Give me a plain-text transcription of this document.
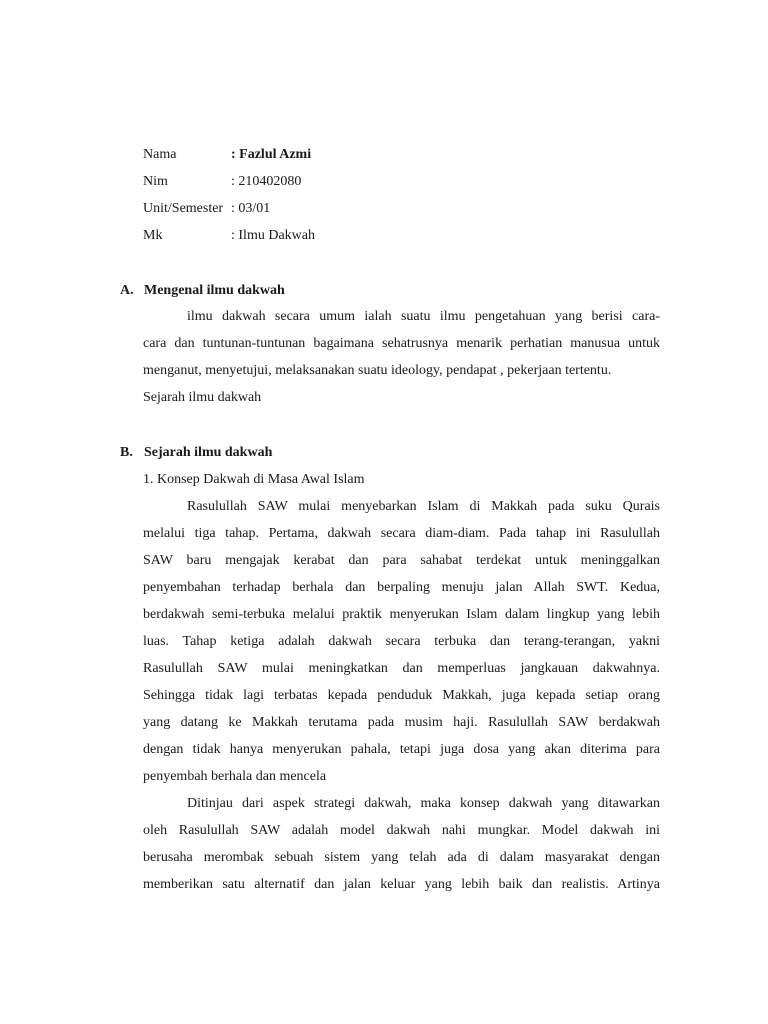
Nama	: Fazlul Azmi
Nim	: 210402080
Unit/Semester : 03/01
Mk	: Ilmu Dakwah
A. Mengenal ilmu dakwah
ilmu dakwah secara umum ialah suatu ilmu pengetahuan yang berisi cara-
cara dan tuntunan-tuntunan bagaimana sehatrusnya menarik perhatian manusua untuk
menganut, menyetujui, melaksanakan suatu ideology, pendapat , pekerjaan tertentu.
Sejarah ilmu dakwah
B. Sejarah ilmu dakwah
1. Konsep Dakwah di Masa Awal Islam
Rasulullah SAW mulai menyebarkan Islam di Makkah pada suku Qurais
melalui tiga tahap. Pertama, dakwah secara diam-diam. Pada tahap ini Rasulullah
SAW baru mengajak kerabat dan para sahabat terdekat untuk meninggalkan
penyembahan terhadap berhala dan berpaling menuju jalan Allah SWT. Kedua,
berdakwah semi-terbuka melalui praktik menyerukan Islam dalam lingkup yang lebih
luas. Tahap ketiga adalah dakwah secara terbuka dan terang-terangan, yakni
Rasulullah SAW mulai meningkatkan dan memperluas jangkauan dakwahnya.
Sehingga tidak lagi terbatas kepada penduduk Makkah, juga kepada setiap orang
yang datang ke Makkah terutama pada musim haji. Rasulullah SAW berdakwah
dengan tidak hanya menyerukan pahala, tetapi juga dosa yang akan diterima para
penyembah berhala dan mencela
Ditinjau dari aspek strategi dakwah, maka konsep dakwah yang ditawarkan
oleh Rasulullah SAW adalah model dakwah nahi mungkar. Model dakwah ini
berusaha merombak sebuah sistem yang telah ada di dalam masyarakat dengan
memberikan satu alternatif dan jalan keluar yang lebih baik dan realistis. Artinya
